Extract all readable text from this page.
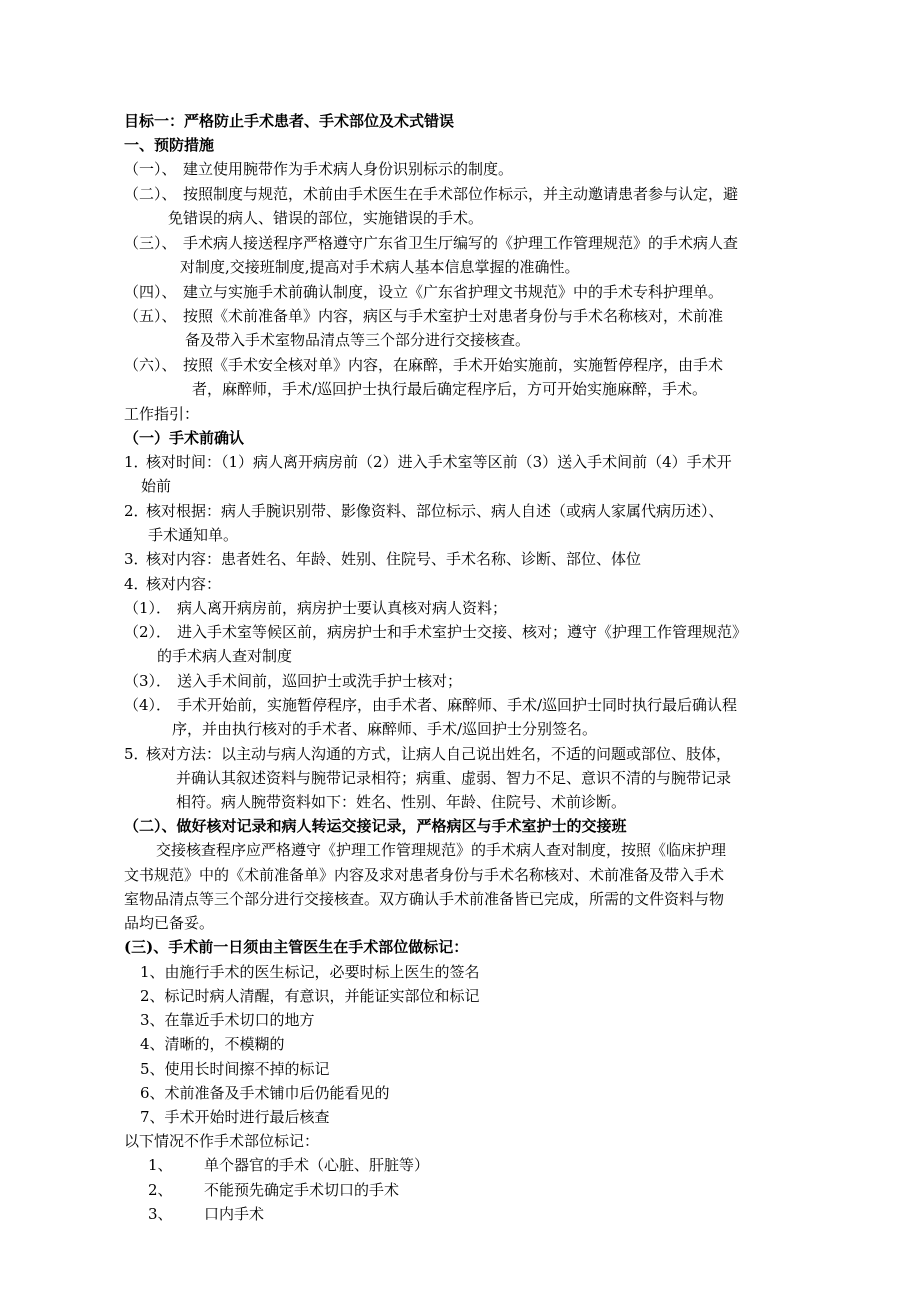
目标一：严格防止手术患者、手术部位及术式错误
一、预防措施
（一）、 建立使用腕带作为手术病人身份识别标示的制度。
（二）、 按照制度与规范，术前由手术医生在手术部位作标示，并主动邀请患者参与认定，避
免错误的病人、错误的部位，实施错误的手术。
（三）、 手术病人接送程序严格遵守广东省卫生厅编写的《护理工作管理规范》的手术病人查
对制度,交接班制度,提高对手术病人基本信息掌握的准确性。
（四）、 建立与实施手术前确认制度，设立《广东省护理文书规范》中的手术专科护理单。
（五）、 按照《术前准备单》内容，病区与手术室护士对患者身份与手术名称核对，术前准
备及带入手术室物品清点等三个部分进行交接核查。
（六）、 按照《手术安全核对单》内容，在麻醉，手术开始实施前，实施暂停程序，由手术
者，麻醉师，手术/巡回护士执行最后确定程序后，方可开始实施麻醉，手术。
工作指引：
（一）手术前确认
1．
核对时间：（1）病人离开病房前（2）进入手术室等区前（3）送入手术间前（4）手术开
始前
2．
核对根据：病人手腕识别带、影像资料、部位标示、病人自述（或病人家属代病历述）、
手术通知单。
3．
核对内容：患者姓名、年龄、姓别、住院号、手术名称、诊断、部位、体位
4．
核对内容：
（1）． 病人离开病房前，病房护士要认真核对病人资料；
（2）． 进入手术室等候区前，病房护士和手术室护士交接、核对；遵守《护理工作管理规范》
的手术病人查对制度
（3）． 送入手术间前，巡回护士或洗手护士核对；
（4）． 手术开始前，实施暂停程序，由手术者、麻醉师、手术/巡回护士同时执行最后确认程
序，并由执行核对的手术者、麻醉师、手术/巡回护士分别签名。
5．
核对方法：以主动与病人沟通的方式，让病人自己说出姓名，不适的问题或部位、肢体，
并确认其叙述资料与腕带记录相符；病重、虚弱、智力不足、意识不清的与腕带记录
相符。病人腕带资料如下：姓名、性别、年龄、住院号、术前诊断。
（二）、做好核对记录和病人转运交接记录，严格病区与手术室护士的交接班
交接核查程序应严格遵守《护理工作管理规范》的手术病人查对制度，按照《临床护理
文书规范》中的《术前准备单》内容及求对患者身份与手术名称核对、术前准备及带入手术
室物品清点等三个部分进行交接核查。双方确认手术前准备皆已完成，所需的文件资料与物
品均已备妥。
(三)、手术前一日须由主管医生在手术部位做标记：
1、由施行手术的医生标记，必要时标上医生的签名
2、标记时病人清醒，有意识，并能证实部位和标记
3、在靠近手术切口的地方
4、清晰的，不模糊的
5、使用长时间擦不掉的标记
6、术前准备及手术铺巾后仍能看见的
7、手术开始时进行最后核查
以下情况不作手术部位标记：
1、 单个器官的手术（心脏、肝脏等）
2、 不能预先确定手术切口的手术
3、 口内手术
